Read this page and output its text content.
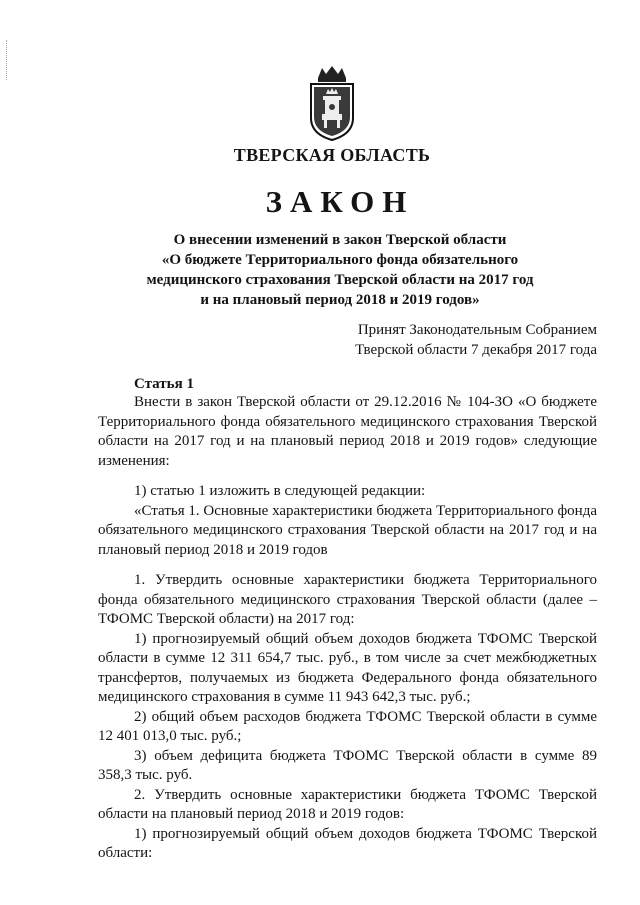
ТВЕРСКАЯ ОБЛАСТЬ
ЗАКОН
О внесении изменений в закон Тверской области
«О бюджете Территориального фонда обязательного
медицинского страхования Тверской области на 2017 год
и на плановый период 2018 и 2019 годов»
Принят Законодательным Собранием
Тверской области 7 декабря 2017 года
Статья 1

Внести в закон Тверской области от 29.12.2016 № 104-ЗО «О бюджете Территориального фонда обязательного медицинского страхования Тверской области на 2017 год и на плановый период 2018 и 2019 годов» следующие изменения:

1) статью 1 изложить в следующей редакции:

«Статья 1. Основные характеристики бюджета Территориального фонда обязательного медицинского страхования Тверской области на 2017 год и на плановый период 2018 и 2019 годов

1. Утвердить основные характеристики бюджета Территориального фонда обязательного медицинского страхования Тверской области (далее – ТФОМС Тверской области) на 2017 год:

1) прогнозируемый общий объем доходов бюджета ТФОМС Тверской области в сумме 12 311 654,7 тыс. руб., в том числе за счет межбюджетных трансфертов, получаемых из бюджета Федерального фонда обязательного медицинского страхования в сумме 11 943 642,3 тыс. руб.;

2) общий объем расходов бюджета ТФОМС Тверской области в сумме 12 401 013,0 тыс. руб.;

3) объем дефицита бюджета ТФОМС Тверской области в сумме 89 358,3 тыс. руб.

2. Утвердить основные характеристики бюджета ТФОМС Тверской области на плановый период 2018 и 2019 годов:

1) прогнозируемый общий объем доходов бюджета ТФОМС Тверской области:
